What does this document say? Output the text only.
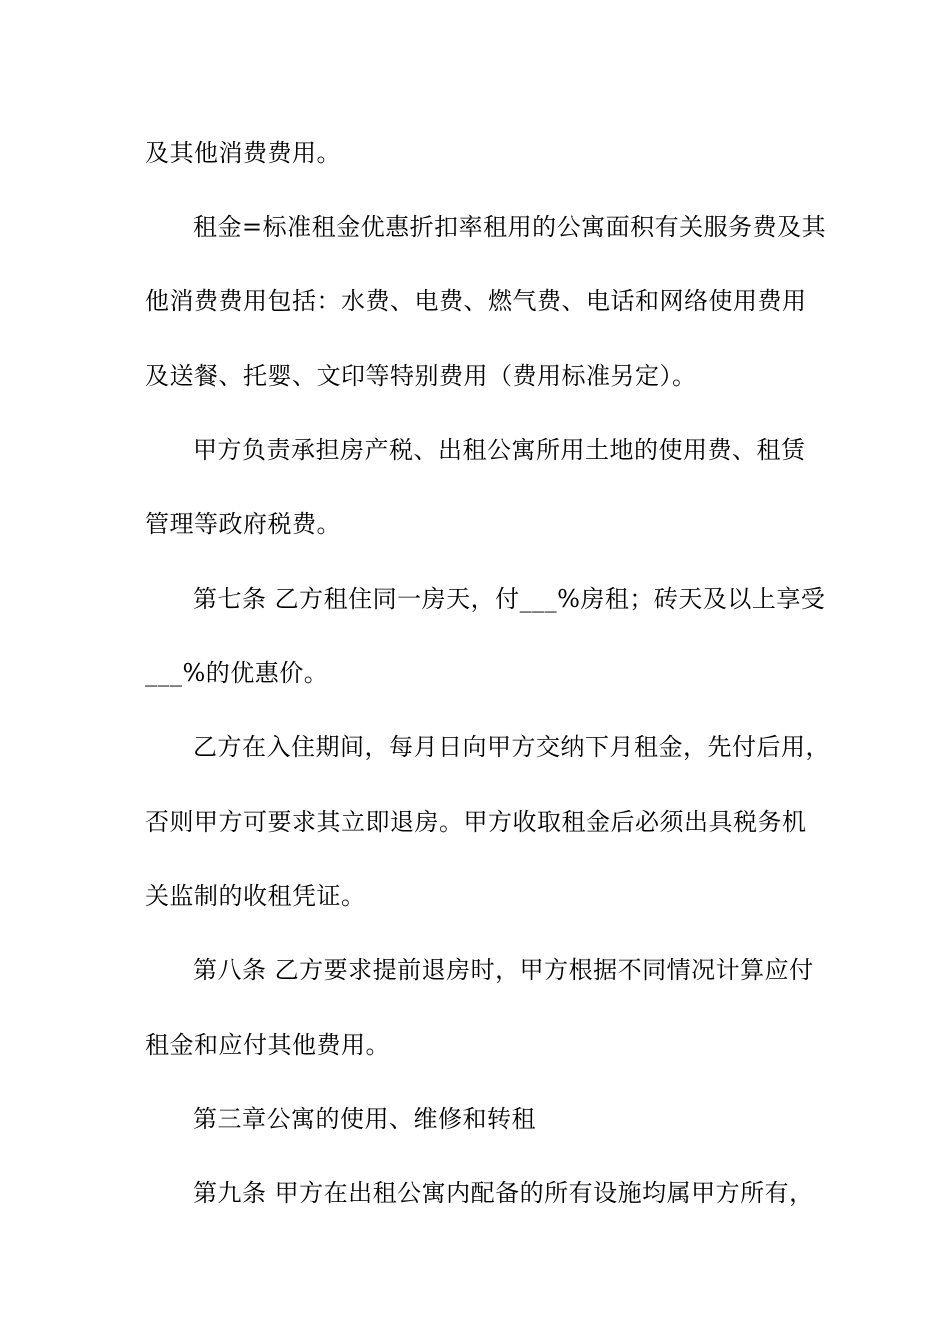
及其他消费费用。
租金=标准租金优惠折扣率租用的公寓面积有关服务费及其
他消费费用包括：水费、电费、燃气费、电话和网络使用费用
及送餐、托婴、文印等特别费用（费用标准另定）。
甲方负责承担房产税、出租公寓所用土地的使用费、租赁
管理等政府税费。
第七条 乙方租住同一房天，付___%房租；砖天及以上享受
___%的优惠价。
乙方在入住期间，每月日向甲方交纳下月租金，先付后用，
否则甲方可要求其立即退房。甲方收取租金后必须出具税务机
关监制的收租凭证。
第八条 乙方要求提前退房时，甲方根据不同情况计算应付
租金和应付其他费用。
第三章公寓的使用、维修和转租
第九条 甲方在出租公寓内配备的所有设施均属甲方所有，
